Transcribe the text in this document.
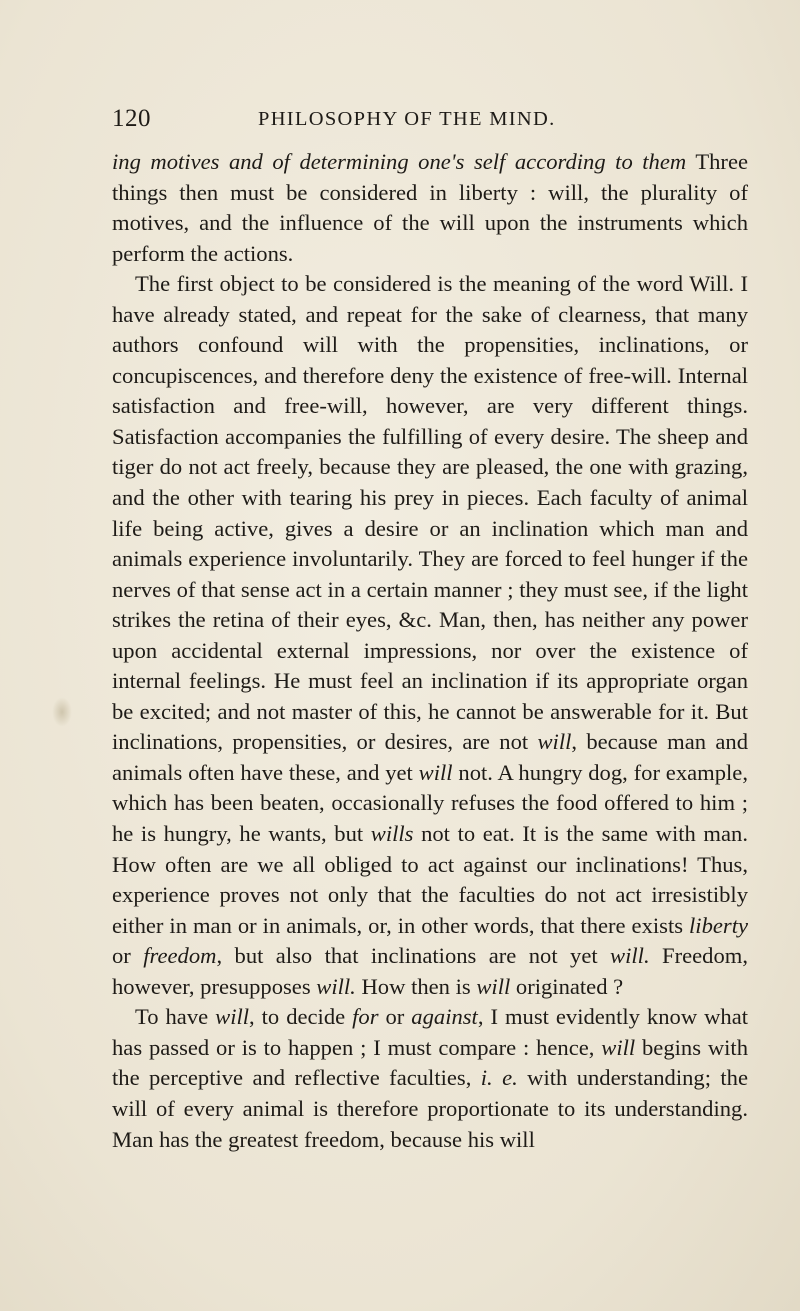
120	PHILOSOPHY OF THE MIND.

ing motives and of determining one's self according to them Three things then must be considered in liberty : will, the plurality of motives, and the influence of the will upon the instruments which perform the actions.

The first object to be considered is the meaning of the word Will. I have already stated, and repeat for the sake of clearness, that many authors confound will with the propensities, inclinations, or concupiscences, and therefore deny the existence of free-will. Internal satisfaction and free-will, however, are very different things. Satisfaction accompanies the fulfilling of every desire. The sheep and tiger do not act freely, because they are pleased, the one with grazing, and the other with tearing his prey in pieces. Each faculty of animal life being active, gives a desire or an inclination which man and animals experience involuntarily. They are forced to feel hunger if the nerves of that sense act in a certain manner ; they must see, if the light strikes the retina of their eyes, &c. Man, then, has neither any power upon accidental external impressions, nor over the existence of internal feelings. He must feel an inclination if its appropriate organ be excited; and not master of this, he cannot be answerable for it. But inclinations, propensities, or desires, are not will, because man and animals often have these, and yet will not. A hungry dog, for example, which has been beaten, occasionally refuses the food offered to him ; he is hungry, he wants, but wills not to eat. It is the same with man. How often are we all obliged to act against our inclinations! Thus, experience proves not only that the faculties do not act irresistibly either in man or in animals, or, in other words, that there exists liberty or freedom, but also that inclinations are not yet will. Freedom, however, presupposes will. How then is will originated ?

To have will, to decide for or against, I must evidently know what has passed or is to happen ; I must compare : hence, will begins with the perceptive and reflective faculties, i. e. with understanding; the will of every animal is therefore proportionate to its understanding. Man has the greatest freedom, because his will
